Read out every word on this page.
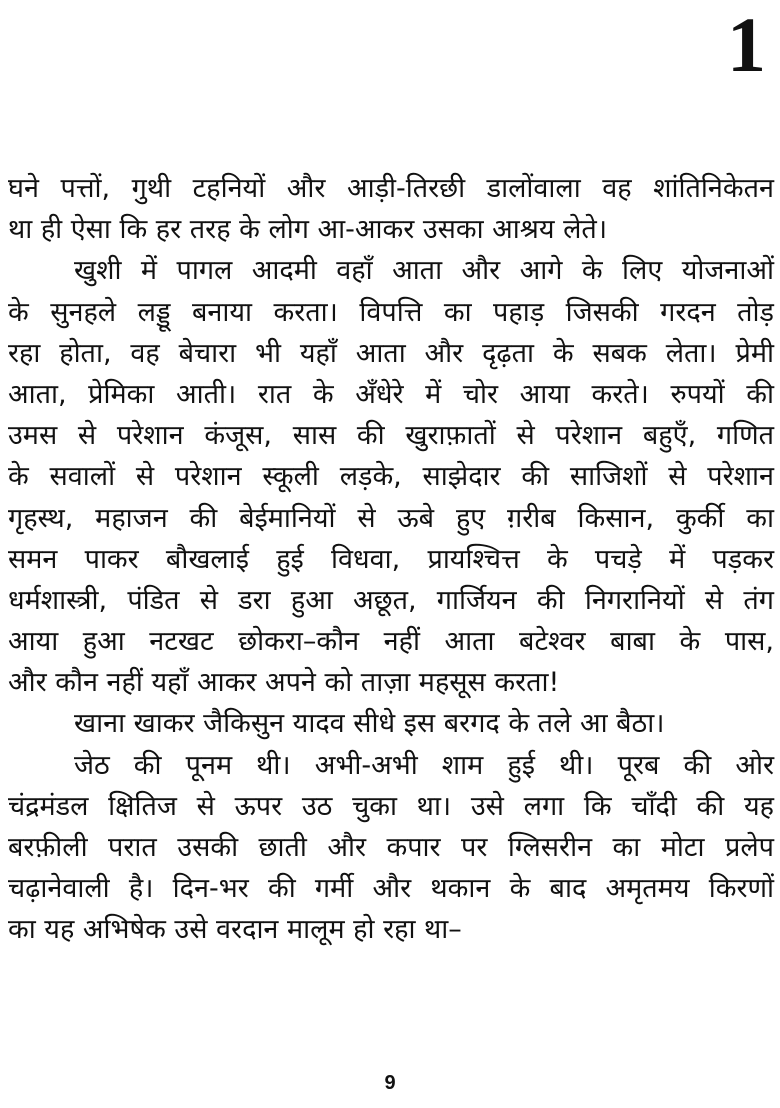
1
घने पत्तों, गुथी टहनियों और आड़ी-तिरछी डालोंवाला वह शांतिनिकेतन
था ही ऐसा कि हर तरह के लोग आ-आकर उसका आश्रय लेते।
खुशी में पागल आदमी वहाँ आता और आगे के लिए योजनाओं
के सुनहले लड्डू बनाया करता। विपत्ति का पहाड़ जिसकी गरदन तोड़
रहा होता, वह बेचारा भी यहाँ आता और दृढ़ता के सबक लेता। प्रेमी
आता, प्रेमिका आती। रात के अँधेरे में चोर आया करते। रुपयों की
उमस से परेशान कंजूस, सास की खुराफ़ातों से परेशान बहुएँ, गणित
के सवालों से परेशान स्कूली लड़के, साझेदार की साजिशों से परेशान
गृहस्थ, महाजन की बेईमानियों से ऊबे हुए ग़रीब किसान, कुर्की का
समन पाकर बौखलाई हुई विधवा, प्रायश्चित्त के पचड़े में पड़कर
धर्मशास्त्री, पंडित से डरा हुआ अछूत, गार्जियन की निगरानियों से तंग
आया हुआ नटखट छोकरा–कौन नहीं आता बटेश्वर बाबा के पास,
और कौन नहीं यहाँ आकर अपने को ताज़ा महसूस करता!
खाना खाकर जैकिसुन यादव सीधे इस बरगद के तले आ बैठा।
जेठ की पूनम थी। अभी-अभी शाम हुई थी। पूरब की ओर
चंद्रमंडल क्षितिज से ऊपर उठ चुका था। उसे लगा कि चाँदी की यह
बरफ़ीली परात उसकी छाती और कपार पर ग्लिसरीन का मोटा प्रलेप
चढ़ानेवाली है। दिन-भर की गर्मी और थकान के बाद अमृतमय किरणों
का यह अभिषेक उसे वरदान मालूम हो रहा था–
9
